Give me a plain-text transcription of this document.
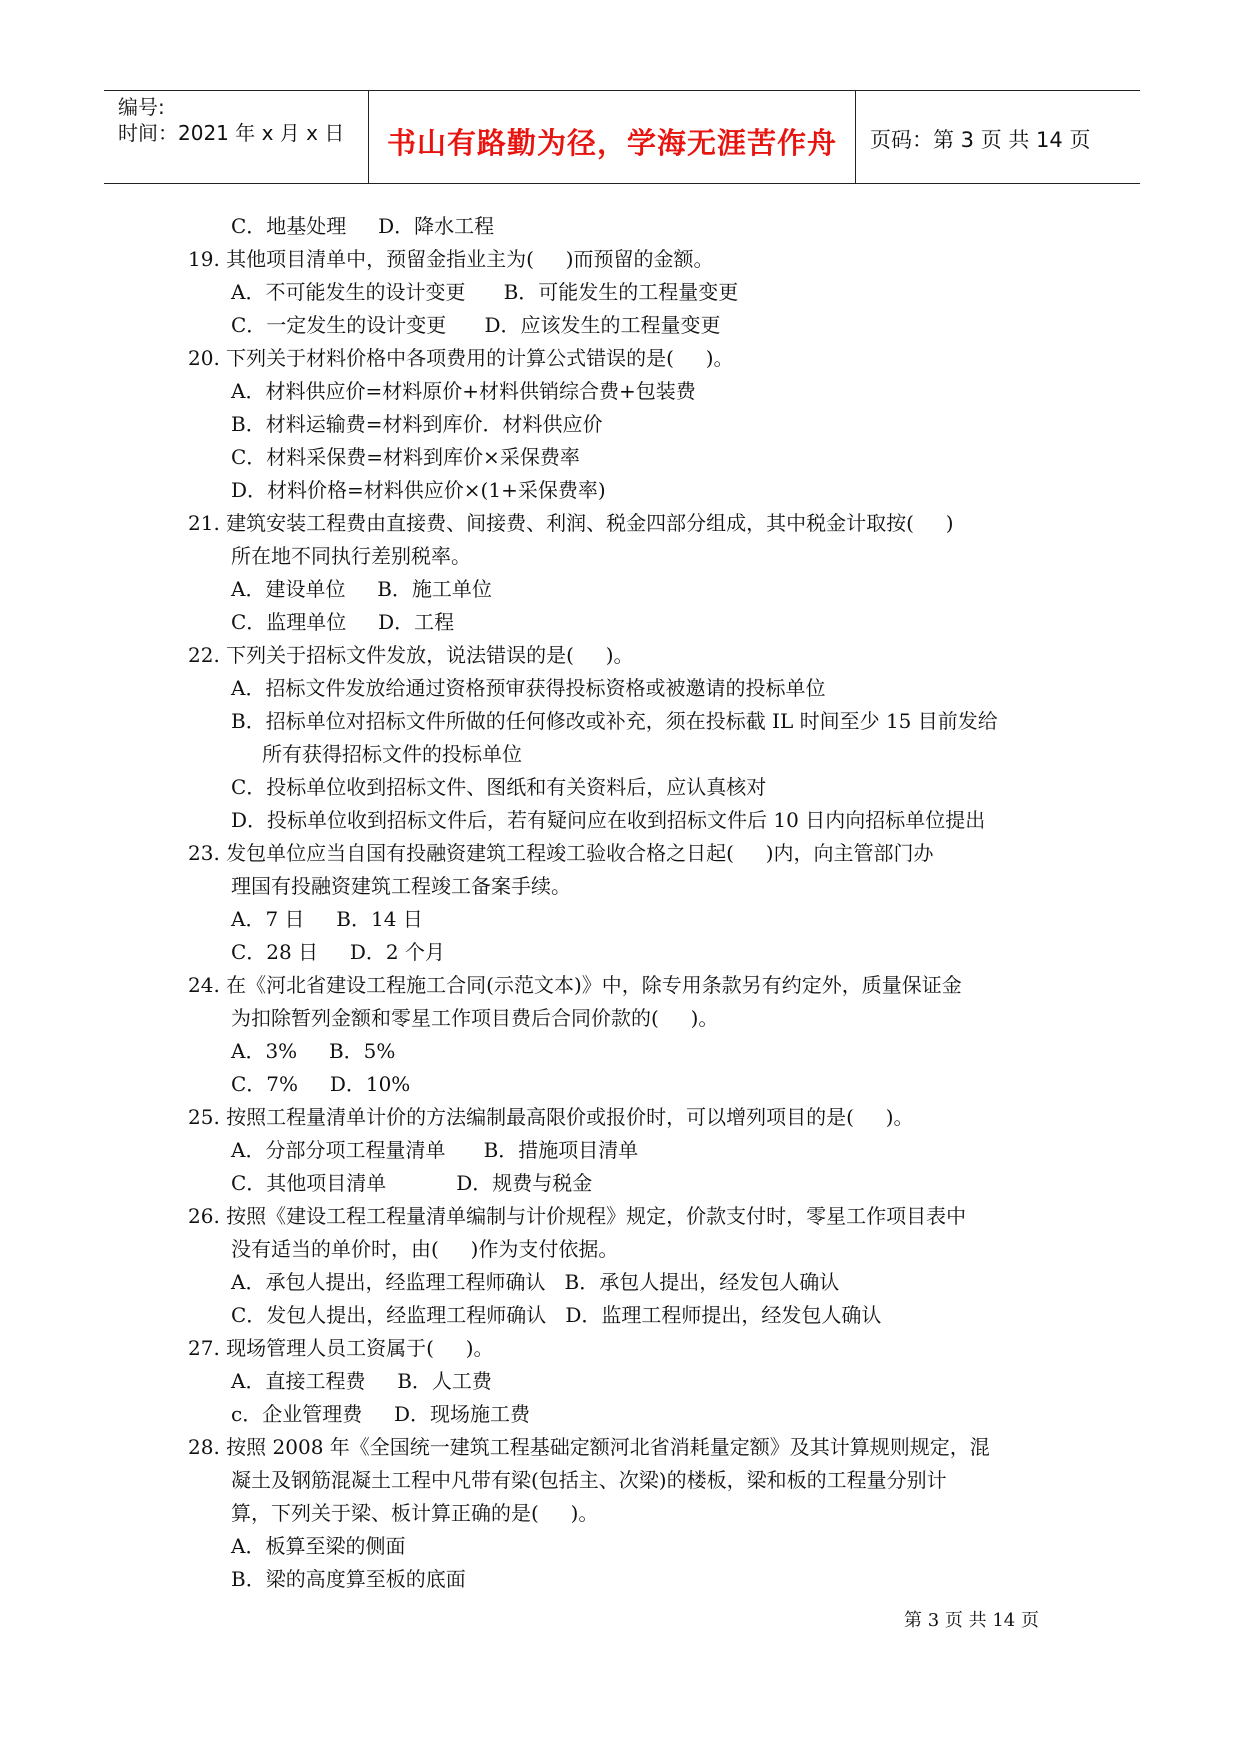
编号:
时间：2021 年 x 月 x 日	书山有路勤为径，学海无涯苦作舟	页码：第 3 页 共 14 页
C．地基处理     D．降水工程
19. 其他项目清单中，预留金指业主为(     )而预留的金额。
A．不可能发生的设计变更      B．可能发生的工程量变更
C．一定发生的设计变更      D．应该发生的工程量变更
20. 下列关于材料价格中各项费用的计算公式错误的是(     )。
A．材料供应价=材料原价+材料供销综合费+包装费
B．材料运输费=材料到库价．材料供应价
C．材料采保费=材料到库价×采保费率
D．材料价格=材料供应价×(1+采保费率)
21. 建筑安装工程费由直接费、间接费、利润、税金四部分组成，其中税金计取按(     )
所在地不同执行差别税率。
A．建设单位     B．施工单位
C．监理单位     D．工程
22. 下列关于招标文件发放，说法错误的是(     )。
A．招标文件发放给通过资格预审获得投标资格或被邀请的投标单位
B．招标单位对招标文件所做的任何修改或补充，须在投标截 IL 时间至少 15 目前发给
所有获得招标文件的投标单位
C．投标单位收到招标文件、图纸和有关资料后，应认真核对
D．投标单位收到招标文件后，若有疑问应在收到招标文件后 10 日内向招标单位提出
23. 发包单位应当自国有投融资建筑工程竣工验收合格之日起(     )内，向主管部门办
理国有投融资建筑工程竣工备案手续。
A．7 日     B．14 日
C．28 日     D．2 个月
24. 在《河北省建设工程施工合同(示范文本)》中，除专用条款另有约定外，质量保证金
为扣除暂列金额和零星工作项目费后合同价款的(     )。
A．3%     B．5%
C．7%     D．10%
25. 按照工程量清单计价的方法编制最高限价或报价时，可以增列项目的是(     )。
A．分部分项工程量清单      B．措施项目清单
C．其他项目清单           D．规费与税金
26. 按照《建设工程工程量清单编制与计价规程》规定，价款支付时，零星工作项目表中
没有适当的单价时，由(     )作为支付依据。
A．承包人提出，经监理工程师确认   B．承包人提出，经发包人确认
C．发包人提出，经监理工程师确认   D．监理工程师提出，经发包人确认
27. 现场管理人员工资属于(     )。
A．直接工程费     B．人工费
c．企业管理费     D．现场施工费
28. 按照 2008 年《全国统一建筑工程基础定额河北省消耗量定额》及其计算规则规定，混
凝土及钢筋混凝土工程中凡带有梁(包括主、次梁)的楼板，梁和板的工程量分别计
算，下列关于梁、板计算正确的是(     )。
A．板算至梁的侧面
B．梁的高度算至板的底面
第 3 页 共 14 页
